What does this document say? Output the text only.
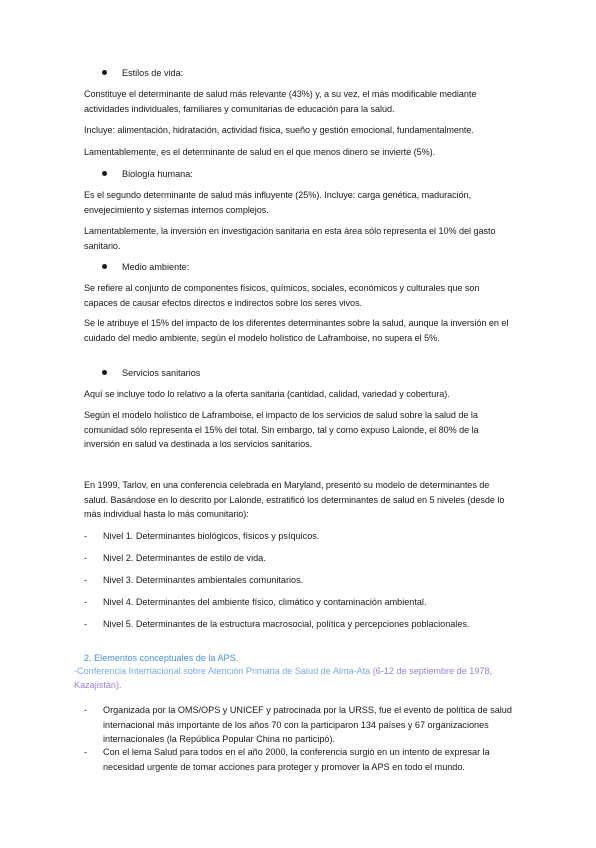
Estilos de vida:
Constituye el determinante de salud más relevante (43%) y, a su vez, el más modificable mediante actividades individuales, familiares y comunitarias de educación para la salud.
Incluye: alimentación, hidratación, actividad física, sueño y gestión emocional, fundamentalmente.
Lamentablemente, es el determinante de salud en el que menos dinero se invierte (5%).
Biología humana:
Es el segundo determinante de salud más influyente (25%). Incluye: carga genética, maduración, envejecimiento y sistemas internos complejos.
Lamentablemente, la inversión en investigación sanitaria en esta área sólo representa el 10% del gasto sanitario.
Medio ambiente:
Se refiere al conjunto de componentes físicos, químicos, sociales, económicos y culturales que son capaces de causar efectos directos e indirectos sobre los seres vivos.
Se le atribuye el 15% del impacto de los diferentes determinantes sobre la salud, aunque la inversión en el cuidado del medio ambiente, según el modelo holístico de Laframboise, no supera el 5%.
Servicios sanitarios
Aquí se incluye todo lo relativo a la oferta sanitaria (cantidad, calidad, variedad y cobertura).
Según el modelo holístico de Laframboise, el impacto de los servicios de salud sobre la salud de la comunidad sólo representa el 15% del total. Sin embargo, tal y como expuso Lalonde, el 80% de la inversión en salud va destinada a los servicios sanitarios.
En 1999, Tarlov, en una conferencia celebrada en Maryland, presentó su modelo de determinantes de salud. Basándose en lo descrito por Lalonde, estratificó los determinantes de salud en 5 niveles (desde lo más individual hasta lo más comunitario):
- Nivel 1. Determinantes biológicos, físicos y psíquicos.
- Nivel 2. Determinantes de estilo de vida.
- Nivel 3. Determinantes ambientales comunitarios.
- Nivel 4. Determinantes del ambiente físico, climático y contaminación ambiental.
- Nivel 5. Determinantes de la estructura macrosocial, política y percepciones poblacionales.
2. Elementos conceptuales de la APS.
-Conferencia Internacional sobre Atención Primaria de Salud de Alma-Ata (6-12 de septiembre de 1978, Kazajistán).
- Organizada por la OMS/OPS y UNICEF y patrocinada por la URSS, fue el evento de política de salud internacional más importante de los años 70 con la participaron 134 países y 67 organizaciones internacionales (la República Popular China no participó).
- Con el lema Salud para todos en el año 2000, la conferencia surgió en un intento de expresar la necesidad urgente de tomar acciones para proteger y promover la APS en todo el mundo.
